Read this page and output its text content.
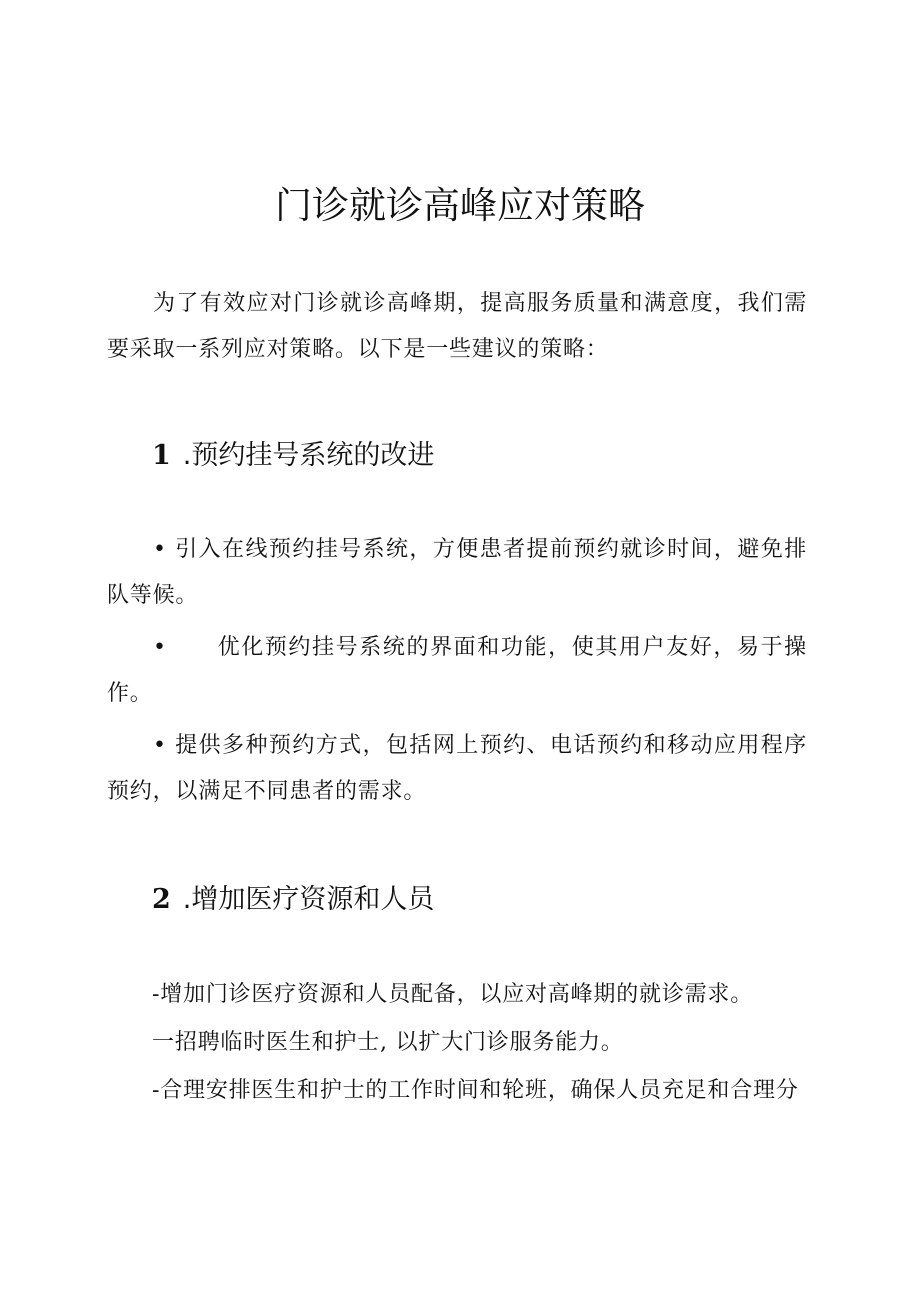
门诊就诊高峰应对策略

为了有效应对门诊就诊高峰期，提高服务质量和满意度，我们需要采取一系列应对策略。以下是一些建议的策略：

1 .预约挂号系统的改进

• 引入在线预约挂号系统，方便患者提前预约就诊时间，避免排队等候。

• 优化预约挂号系统的界面和功能，使其用户友好，易于操作。

• 提供多种预约方式，包括网上预约、电话预约和移动应用程序预约，以满足不同患者的需求。

2 .增加医疗资源和人员

-增加门诊医疗资源和人员配备，以应对高峰期的就诊需求。

一招聘临时医生和护士, 以扩大门诊服务能力。

-合理安排医生和护士的工作时间和轮班，确保人员充足和合理分
